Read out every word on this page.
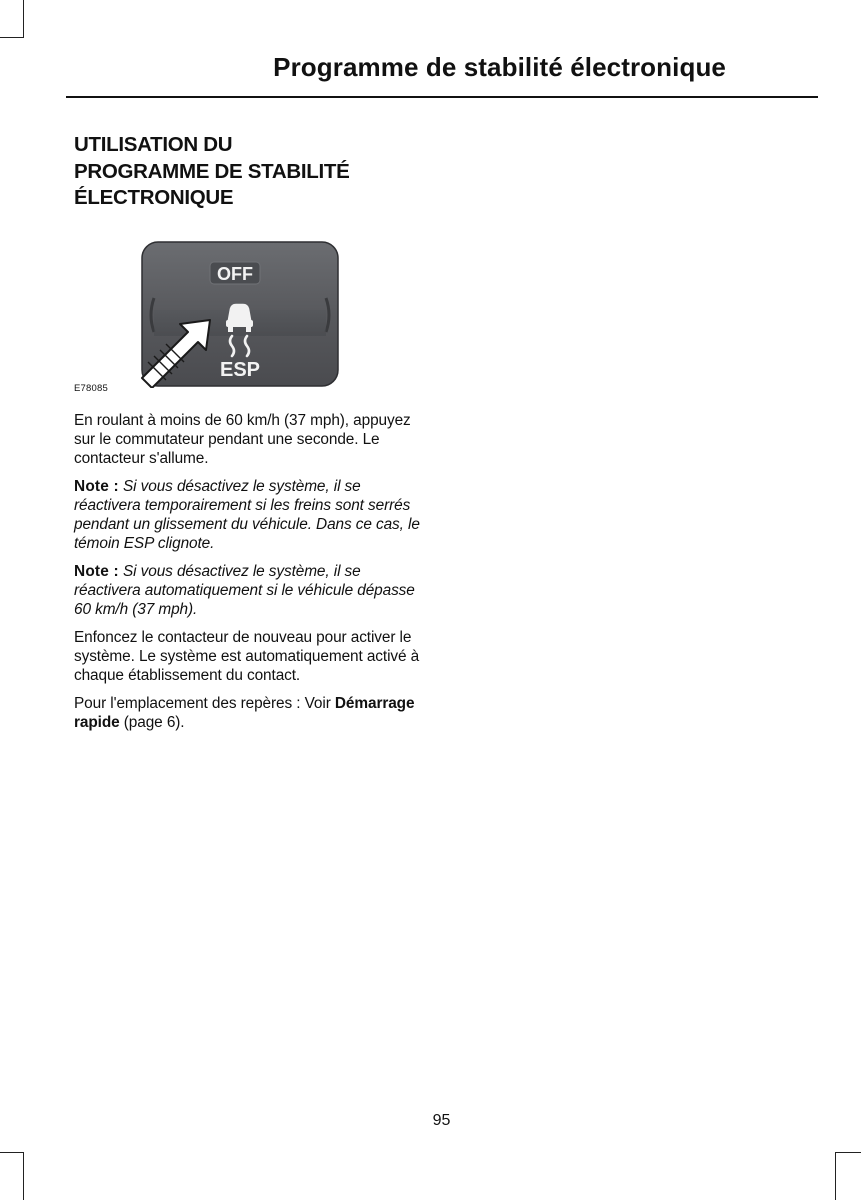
Programme de stabilité électronique
UTILISATION DU
PROGRAMME DE STABILITÉ
ÉLECTRONIQUE
OFF
ESP
E78085

En roulant à moins de 60 km/h (37 mph), appuyez sur le commutateur pendant une seconde. Le contacteur s'allume.

Note : Si vous désactivez le système, il se réactivera temporairement si les freins sont serrés pendant un glissement du véhicule. Dans ce cas, le témoin ESP clignote.

Note : Si vous désactivez le système, il se réactivera automatiquement si le véhicule dépasse 60 km/h (37 mph).

Enfoncez le contacteur de nouveau pour activer le système. Le système est automatiquement activé à chaque établissement du contact.

Pour l'emplacement des repères : Voir Démarrage rapide (page 6).

95
